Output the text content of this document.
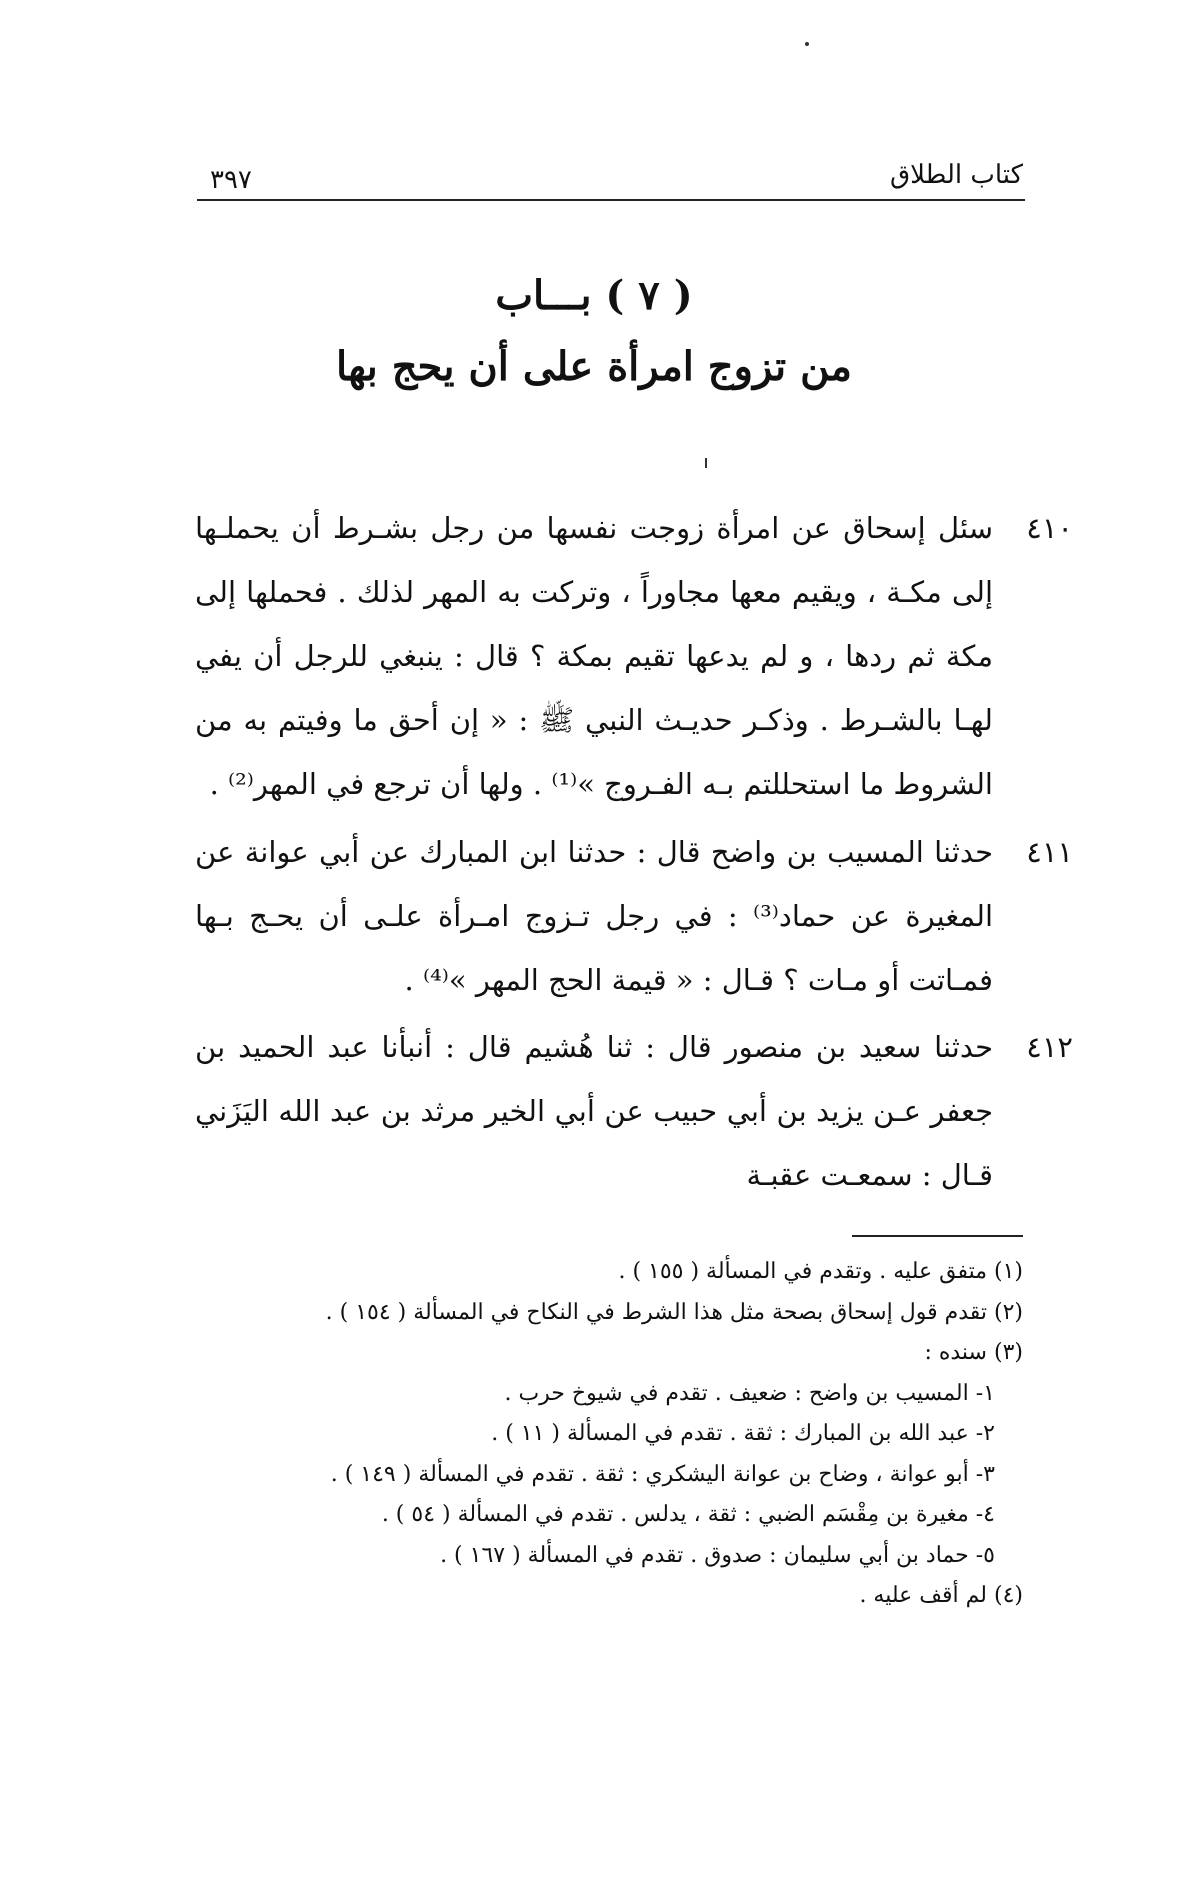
٣٩٧	كتاب الطلاق
( ٧ ) بـــاب
من تزوج امرأة على أن يحج بها
٤١٠
سئل إسحاق عن امرأة زوجت نفسها من رجل بشـرط أن يحملـها إلى مكـة ، ويقيم معها مجاوراً ، وتركت به المهر لذلك . فحملها إلى مكة ثم ردها ، و لم يدعها تقيم بمكة ؟ قال : ينبغي للرجل أن يفي لهـا بالشـرط . وذكـر حديـث النبي ﷺ : « إن أحق ما وفيتم به من الشروط ما استحللتم بـه الفـروج »⁽¹⁾ . ولها أن ترجع في المهر⁽²⁾ .
٤١١
حدثنا المسيب بن واضح قال : حدثنا ابن المبارك عن أبي عوانة عن المغيرة عن حماد⁽³⁾ : في رجل تـزوج امـرأة علـى أن يحـج بـها فمـاتت أو مـات ؟ قـال : « قيمة الحج المهر »⁽⁴⁾ .
٤١٢
حدثنا سعيد بن منصور قال : ثنا هُشيم قال : أنبأنا عبد الحميد بن جعفر عـن يزيد بن أبي حبيب عن أبي الخير مرثد بن عبد الله اليَزَني قـال : سمعـت عقبـة
(١) متفق عليه . وتقدم في المسألة ( ١٥٥ ) .
(٢) تقدم قول إسحاق بصحة مثل هذا الشرط في النكاح في المسألة ( ١٥٤ ) .
(٣) سنده :
١- المسيب بن واضح : ضعيف . تقدم في شيوخ حرب .
٢- عبد الله بن المبارك : ثقة . تقدم في المسألة ( ١١ ) .
٣- أبو عوانة ، وضاح بن عوانة اليشكري : ثقة . تقدم في المسألة ( ١٤٩ ) .
٤- مغيرة بن مِقْسَم الضبي : ثقة ، يدلس . تقدم في المسألة ( ٥٤ ) .
٥- حماد بن أبي سليمان : صدوق . تقدم في المسألة ( ١٦٧ ) .
(٤) لم أقف عليه .
